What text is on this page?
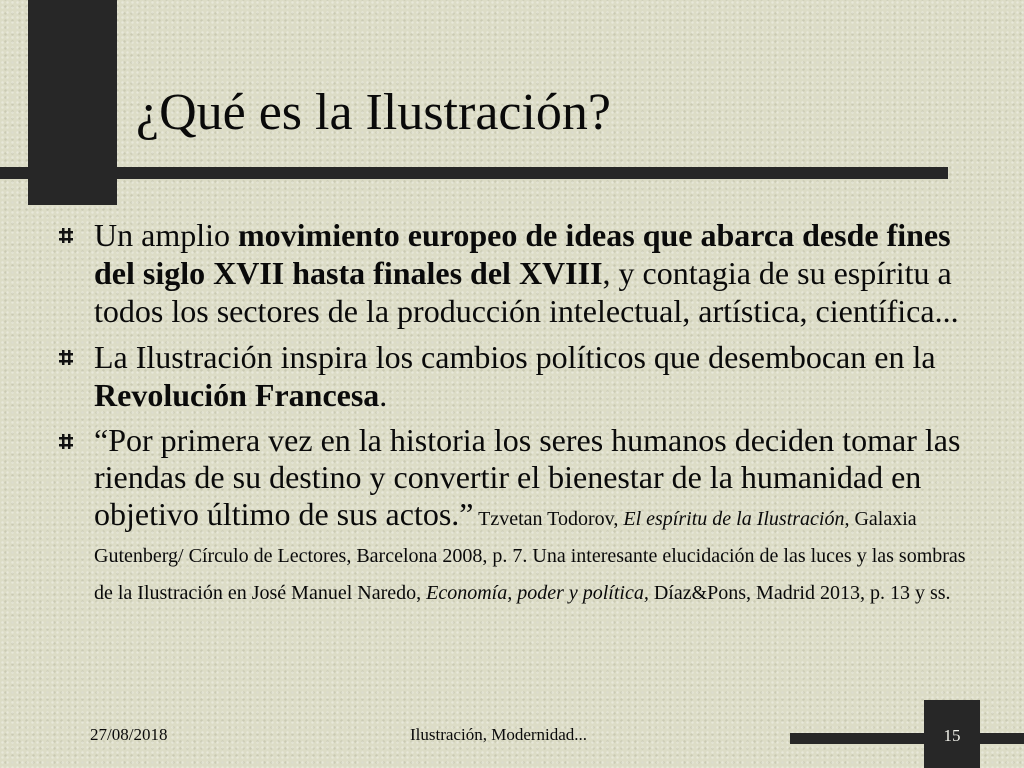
¿Qué es la Ilustración?
Un amplio movimiento europeo de ideas que abarca desde fines del siglo XVII hasta finales del XVIII, y contagia de su espíritu a todos los sectores de la producción intelectual, artística, científica...
La Ilustración inspira los cambios políticos que desembocan en la Revolución Francesa.
“Por primera vez en la historia los seres humanos deciden tomar las riendas de su destino y convertir el bienestar de la humanidad en objetivo último de sus actos.” Tzvetan Todorov, El espíritu de la Ilustración, Galaxia Gutenberg/ Círculo de Lectores, Barcelona 2008, p. 7. Una interesante elucidación de las luces y las sombras de la Ilustración en José Manuel Naredo, Economía, poder y política, Díaz&Pons, Madrid 2013, p. 13 y ss.
27/08/2018	Ilustración, Modernidad...	15
